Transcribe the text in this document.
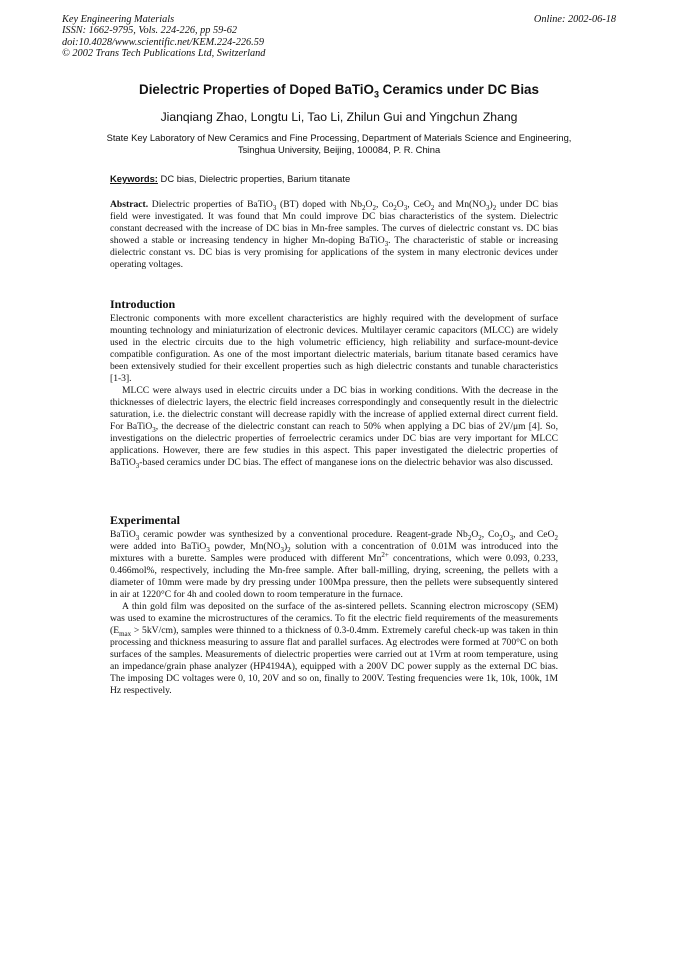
Key Engineering Materials
ISSN: 1662-9795, Vols. 224-226, pp 59-62
doi:10.4028/www.scientific.net/KEM.224-226.59
© 2002 Trans Tech Publications Ltd, Switzerland
Online: 2002-06-18
Dielectric Properties of Doped BaTiO$_3$ Ceramics under DC Bias
Jianqiang Zhao, Longtu Li, Tao Li, Zhilun Gui and Yingchun Zhang
State Key Laboratory of New Ceramics and Fine Processing, Department of Materials Science and Engineering, Tsinghua University, Beijing, 100084, P. R. China
Keywords: DC bias, Dielectric properties, Barium titanate
Abstract. Dielectric properties of BaTiO$_3$ (BT) doped with $Nb_2O_2$, $Co_2O_3$, CeO$_2$ and $Mn(NO_3)_2$ under DC bias field were investigated. It was found that Mn could improve DC bias characteristics of the system. Dielectric constant decreased with the increase of DC bias in Mn-free samples. The curves of dielectric constant vs. DC bias showed a stable or increasing tendency in higher Mn-doping BaTiO$_3$. The characteristic of stable or increasing dielectric constant vs. DC bias is very promising for applications of the system in many electronic devices under operating voltages.
Introduction
Electronic components with more excellent characteristics are highly required with the development of surface mounting technology and miniaturization of electronic devices. Multilayer ceramic capacitors (MLCC) are widely used in the electric circuits due to the high volumetric efficiency, high reliability and surface-mount-device compatible configuration. As one of the most important dielectric materials, barium titanate based ceramics have been extensively studied for their excellent properties such as high dielectric constants and tunable characteristics [1-3].
MLCC were always used in electric circuits under a DC bias in working conditions. With the decrease in the thicknesses of dielectric layers, the electric field increases correspondingly and consequently result in the dielectric saturation, i.e. the dielectric constant will decrease rapidly with the increase of applied external direct current field. For BaTiO$_3$, the decrease of the dielectric constant can reach to 50% when applying a DC bias of 2V/μm [4]. So, investigations on the dielectric properties of ferroelectric ceramics under DC bias are very important for MLCC applications. However, there are few studies in this aspect. This paper investigated the dielectric properties of BaTiO$_3$-based ceramics under DC bias. The effect of manganese ions on the dielectric behavior was also discussed.
Experimental
BaTiO$_3$ ceramic powder was synthesized by a conventional procedure. Reagent-grade $Nb_2O_2$, $Co_2O_3$, and CeO$_2$ were added into BaTiO$_3$ powder, $Mn(NO_3)_2$ solution with a concentration of 0.01M was introduced into the mixtures with a burette. Samples were produced with different $Mn^{2+}$ concentrations, which were 0.093, 0.233, 0.466mol%, respectively, including the Mn-free sample. After ball-milling, drying, screening, the pellets with a diameter of 10mm were made by dry pressing under 100Mpa pressure, then the pellets were subsequently sintered in air at 1220°C for 4h and cooled down to room temperature in the furnace.
A thin gold film was deposited on the surface of the as-sintered pellets. Scanning electron microscopy (SEM) was used to examine the microstructures of the ceramics. To fit the electric field requirements of the measurements $(E_{max} > 5kV/cm)$, samples were thinned to a thickness of 0.3-0.4mm. Extremely careful check-up was taken in thin processing and thickness measuring to assure flat and parallel surfaces. Ag electrodes were formed at 700°C on both surfaces of the samples. Measurements of dielectric properties were carried out at 1Vrm at room temperature, using an impedance/grain phase analyzer (HP4194A), equipped with a 200V DC power supply as the external DC bias. The imposing DC voltages were 0, 10, 20V and so on, finally to 200V. Testing frequencies were 1k, 10k, 100k, 1M Hz respectively.
